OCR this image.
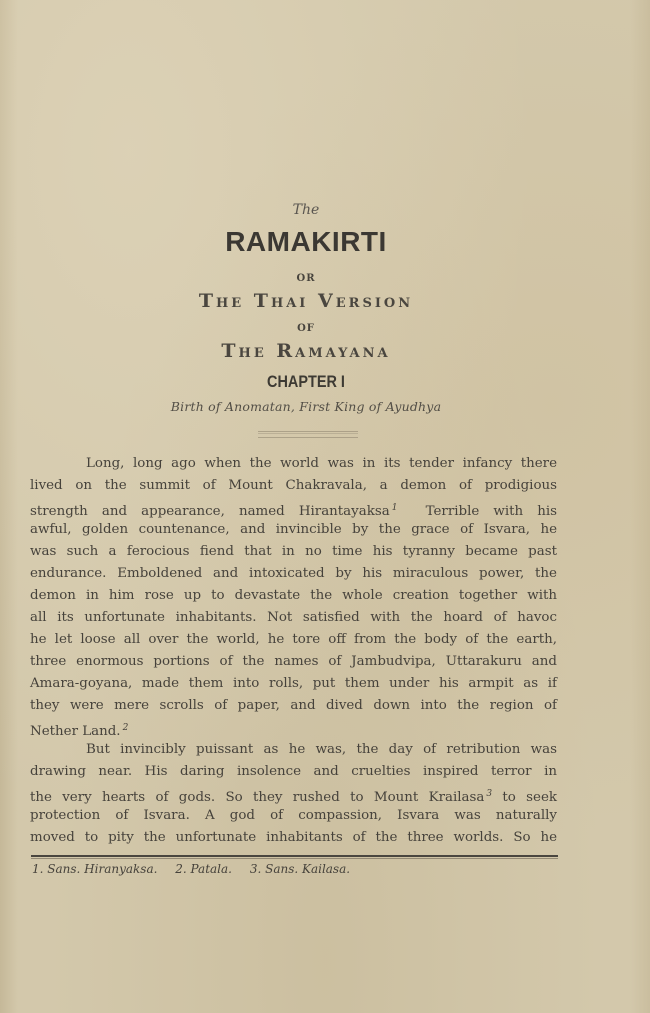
The
RAMAKIRTI
OR
The Thai Version
OF
The Ramayana
CHAPTER I
Birth of Anomatan, First King of Ayudhya
Long, long ago when the world was in its tender infancy there
lived on the summit of Mount Chakravala, a demon of prodigious
strength and appearance, named Hirantayaksa $^1$ Terrible with his
awful, golden countenance, and invincible by the grace of Isvara, he
was such a ferocious fiend that in no time his tyranny became past
endurance. Emboldened and intoxicated by his miraculous power, the
demon in him rose up to devastate the whole creation together with
all its unfortunate inhabitants. Not satisfied with the hoard of havoc
he let loose all over the world, he tore off from the body of the earth,
three enormous portions of the names of Jambudvipa, Uttarakuru and
Amara-goyana, made them into rolls, put them under his armpit as if
they were mere scrolls of paper, and dived down into the region of
Nether Land. $^2$
But invincibly puissant as he was, the day of retribution was
drawing near. His daring insolence and cruelties inspired terror in
the very hearts of gods. So they rushed to Mount Krailasa $^3$ to seek
protection of Isvara. A god of compassion, Isvara was naturally
moved to pity the unfortunate inhabitants of the three worlds. So he
1. Sans. Hiranyaksa. 2. Patala. 3. Sans. Kailasa.
